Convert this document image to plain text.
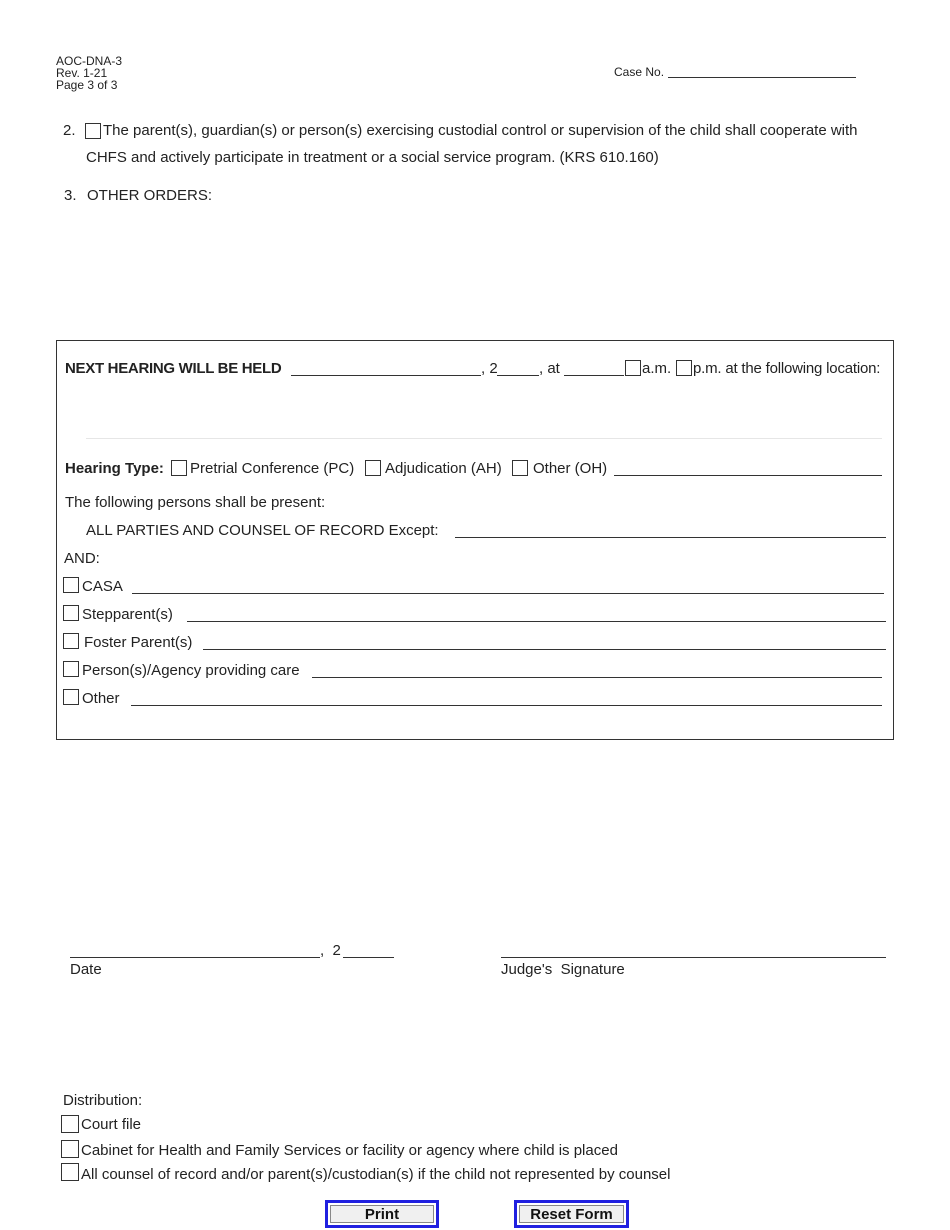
AOC-DNA-3
Rev. 1-21
Page 3 of 3
Case No.
2. The parent(s), guardian(s) or person(s) exercising custodial control or supervision of the child shall cooperate with
CHFS and actively participate in treatment or a social service program. (KRS 610.160)
3. OTHER ORDERS:
NEXT HEARING WILL BE HELD	, 2	, at	a.m. p.m. at the following location:
Hearing Type: Pretrial Conference (PC) Adjudication (AH) Other (OH)
The following persons shall be present:
ALL PARTIES AND COUNSEL OF RECORD Except:
AND:
CASA
Stepparent(s)
Foster Parent(s)
Person(s)/Agency providing care
Other
,  2
Date	Judge's  Signature
Distribution:
Court file
Cabinet for Health and Family Services or facility or agency where child is placed
All counsel of record and/or parent(s)/custodian(s) if the child not represented by counsel
Print	Reset Form
